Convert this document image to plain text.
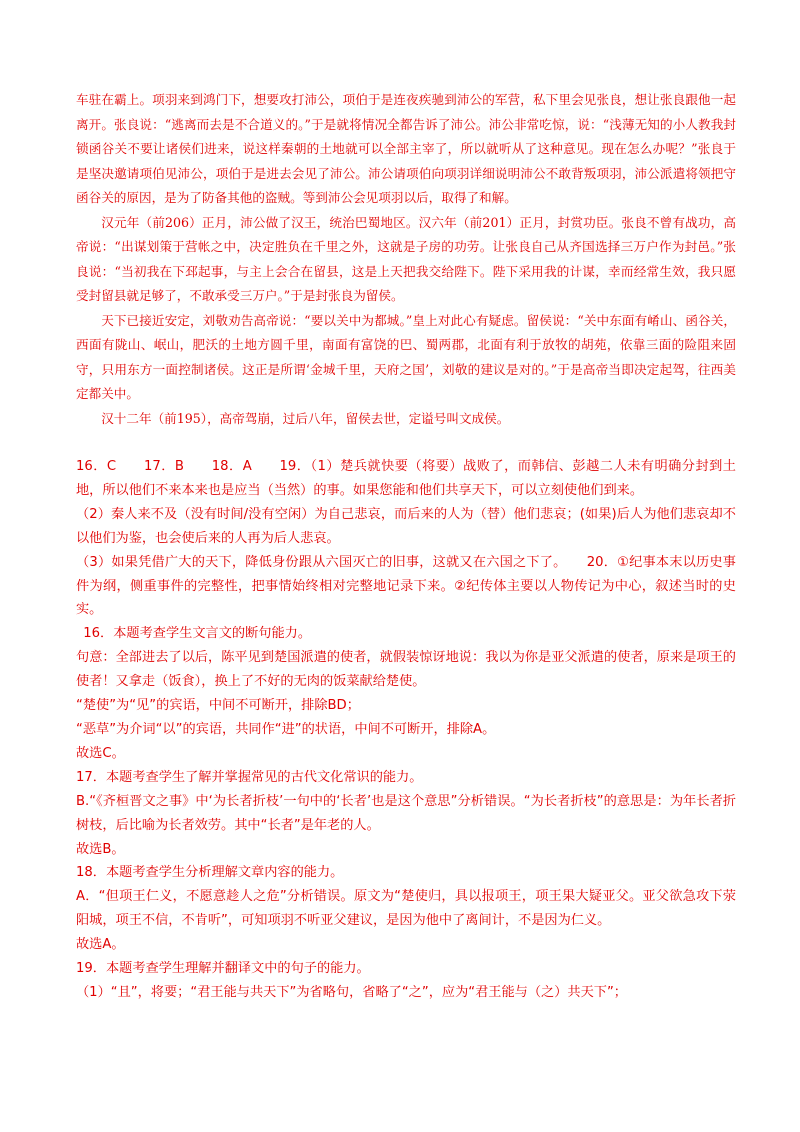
车驻在霸上。项羽来到鸿门下，想要攻打沛公，项伯于是连夜疾驰到沛公的军营，私下里会见张良，想让张良跟他一起离开。张良说：“逃离而去是不合道义的。”于是就将情况全都告诉了沛公。沛公非常吃惊，说：“浅薄无知的小人教我封锁函谷关不要让诸侯们进来，说这样秦朝的土地就可以全部主宰了，所以就听从了这种意见。现在怎么办呢？”张良于是坚决邀请项伯见沛公，项伯于是进去会见了沛公。沛公请项伯向项羽详细说明沛公不敢背叛项羽，沛公派遣将领把守函谷关的原因，是为了防备其他的盗贼。等到沛公会见项羽以后，取得了和解。

汉元年（前206）正月，沛公做了汉王，统治巴蜀地区。汉六年（前201）正月，封赏功臣。张良不曾有战功，高帝说：“出谋划策于营帐之中，决定胜负在千里之外，这就是子房的功劳。让张良自己从齐国选择三万户作为封邑。”张良说：“当初我在下邳起事，与主上会合在留县，这是上天把我交给陛下。陛下采用我的计谋，幸而经常生效，我只愿受封留县就足够了，不敢承受三万户。”于是封张良为留侯。

天下已接近安定，刘敬劝告高帝说：“要以关中为都城。”皇上对此心有疑虑。留侯说：“关中东面有崤山、函谷关，西面有陇山、岷山，肥沃的土地方圆千里，南面有富饶的巴、蜀两郡，北面有利于放牧的胡苑，依靠三面的险阻来固守，只用东方一面控制诸侯。这正是所谓‘金城千里，天府之国’，刘敬的建议是对的。”于是高帝当即决定起驾，往西美定都关中。

汉十二年（前195），高帝驾崩，过后八年，留侯去世，定谥号叫文成侯。

16．C　　17．B　　18．A　　19．（1）楚兵就快要（将要）战败了，而韩信、彭越二人未有明确分封到土地，所以他们不来本来也是应当（当然）的事。如果您能和他们共享天下，可以立刻使他们到来。

（2）秦人来不及（没有时间/没有空闲）为自己悲哀，而后来的人为（替）他们悲哀；(如果)后人为他们悲哀却不以他们为鉴，也会使后来的人再为后人悲哀。

（3）如果凭借广大的天下，降低身份跟从六国灭亡的旧事，这就又在六国之下了。　　20．①纪事本末以历史事件为纲，侧重事件的完整性，把事情始终相对完整地记录下来。②纪传体主要以人物传记为中心，叙述当时的史实。

16．本题考查学生文言文的断句能力。

句意：全部进去了以后，陈平见到楚国派遣的使者，就假装惊讶地说：我以为你是亚父派遣的使者，原来是项王的使者！又拿走（饭食），换上了不好的无肉的饭菜献给楚使。

“楚使”为“见”的宾语，中间不可断开，排除BD；

“恶草”为介词“以”的宾语，共同作“进”的状语，中间不可断开，排除A。

故选C。

17．本题考查学生了解并掌握常见的古代文化常识的能力。

B.“《齐桓晋文之事》中‘为长者折枝’一句中的‘长者’也是这个意思”分析错误。“为长者折枝”的意思是：为年长者折树枝，后比喻为长者效劳。其中“长者”是年老的人。

故选B。

18．本题考查学生分析理解文章内容的能力。

A．“但项王仁义，不愿意趁人之危”分析错误。原文为“楚使归，具以报项王，项王果大疑亚父。亚父欲急攻下荥阳城，项王不信，不肯听”，可知项羽不听亚父建议，是因为他中了离间计，不是因为仁义。

故选A。

19．本题考查学生理解并翻译文中的句子的能力。

（1）“且”，将要；“君王能与共天下”为省略句，省略了“之”，应为“君王能与（之）共天下”；
